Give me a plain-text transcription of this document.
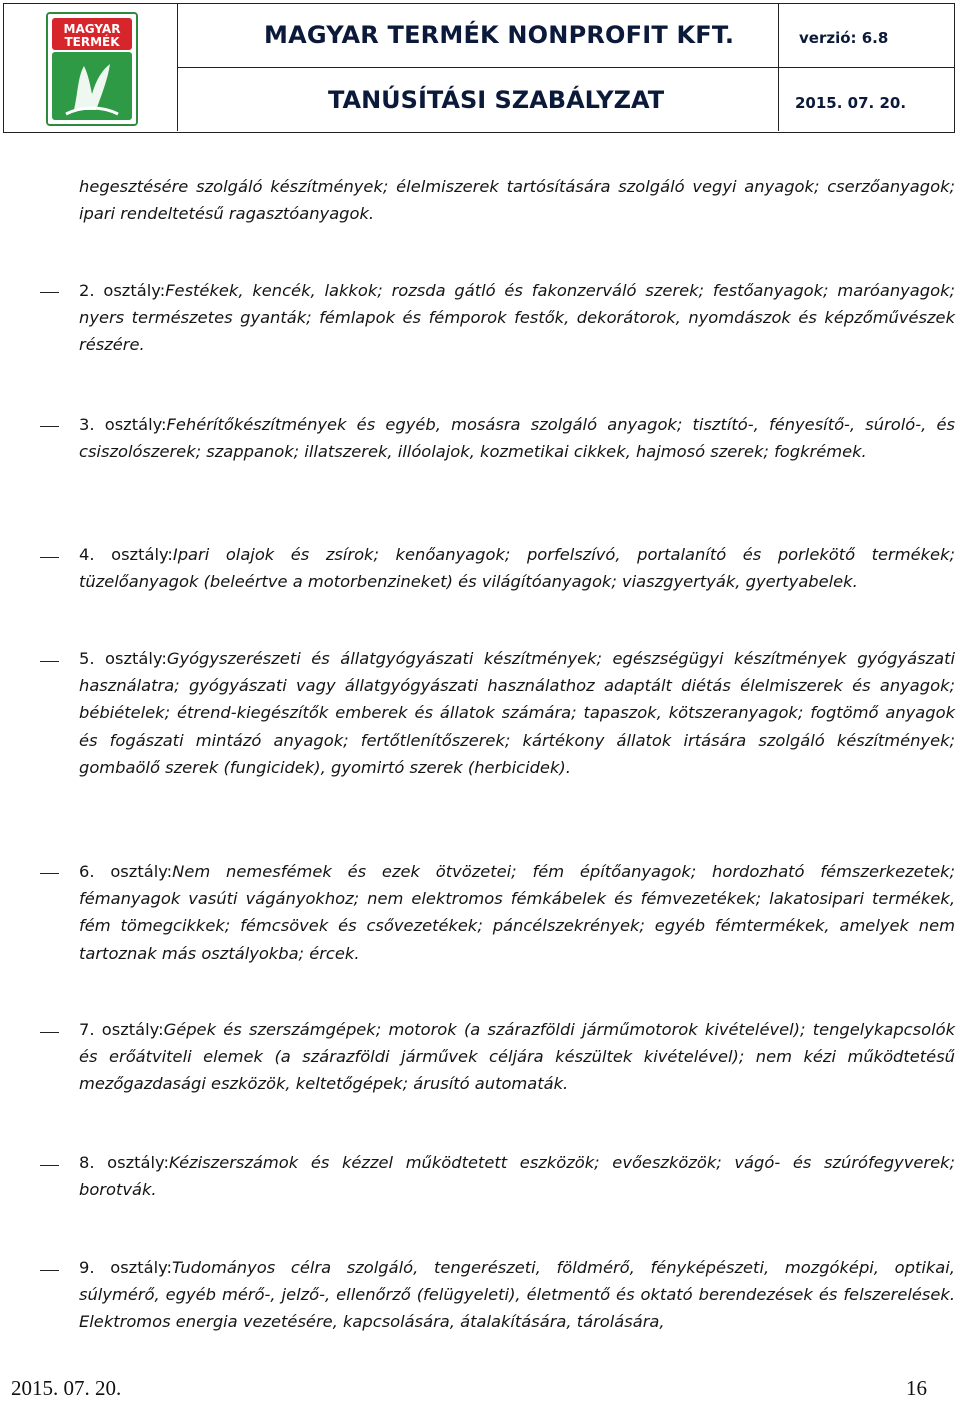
MAGYAR
TERMÉK	MAGYAR TERMÉK NONPROFIT KFT.
TANÚSÍTÁSI SZABÁLYZAT
verzió: 6.8
2015. 07. 20.
hegesztésére szolgáló készítmények; élelmiszerek tartósítására szolgáló vegyi anyagok; cserzőanyagok; ipari rendeltetésű ragasztóanyagok.
2. osztály:Festékek, kencék, lakkok; rozsda gátló és fakonzerváló szerek; festőanyagok; maróanyagok; nyers természetes gyanták; fémlapok és fémporok festők, dekorátorok, nyomdászok és képzőművészek részére.
3. osztály:Fehérítőkészítmények és egyéb, mosásra szolgáló anyagok; tisztító-, fényesítő-, súroló-, és csiszolószerek; szappanok; illatszerek, illóolajok, kozmetikai cikkek, hajmosó szerek; fogkrémek.
4. osztály:Ipari olajok és zsírok; kenőanyagok; porfelszívó, portalanító és porlekötő termékek; tüzelőanyagok (beleértve a motorbenzineket) és világítóanyagok; viaszgyertyák, gyertyabelek.
5. osztály:Gyógyszerészeti és állatgyógyászati készítmények; egészségügyi készítmények gyógyászati használatra; gyógyászati vagy állatgyógyászati használathoz adaptált diétás élelmiszerek és anyagok; bébiételek; étrend-kiegészítők emberek és állatok számára; tapaszok, kötszeranyagok; fogtömő anyagok és fogászati mintázó anyagok; fertőtlenítőszerek; kártékony állatok irtására szolgáló készítmények; gombaölő szerek (fungicidek), gyomirtó szerek (herbicidek).
6. osztály:Nem nemesfémek és ezek ötvözetei; fém építőanyagok; hordozható fémszerkezetek; fémanyagok vasúti vágányokhoz; nem elektromos fémkábelek és fémvezetékek; lakatosipari termékek, fém tömegcikkek; fémcsövek és csővezetékek; páncélszekrények; egyéb fémtermékek, amelyek nem tartoznak más osztályokba; ércek.
7. osztály:Gépek és szerszámgépek; motorok (a szárazföldi járműmotorok kivételével); tengelykapcsolók és erőátviteli elemek (a szárazföldi járművek céljára készültek kivételével); nem kézi működtetésű mezőgazdasági eszközök, keltetőgépek; árusító automaták.
8. osztály:Kéziszerszámok és kézzel működtetett eszközök; evőeszközök; vágó- és szúrófegyverek; borotvák.
9. osztály:Tudományos célra szolgáló, tengerészeti, földmérő, fényképészeti, mozgóképi, optikai, súlymérő, egyéb mérő-, jelző-, ellenőrző (felügyeleti), életmentő és oktató berendezések és felszerelések. Elektromos energia vezetésére, kapcsolására, átalakítására, tárolására,
2015. 07. 20.	16
